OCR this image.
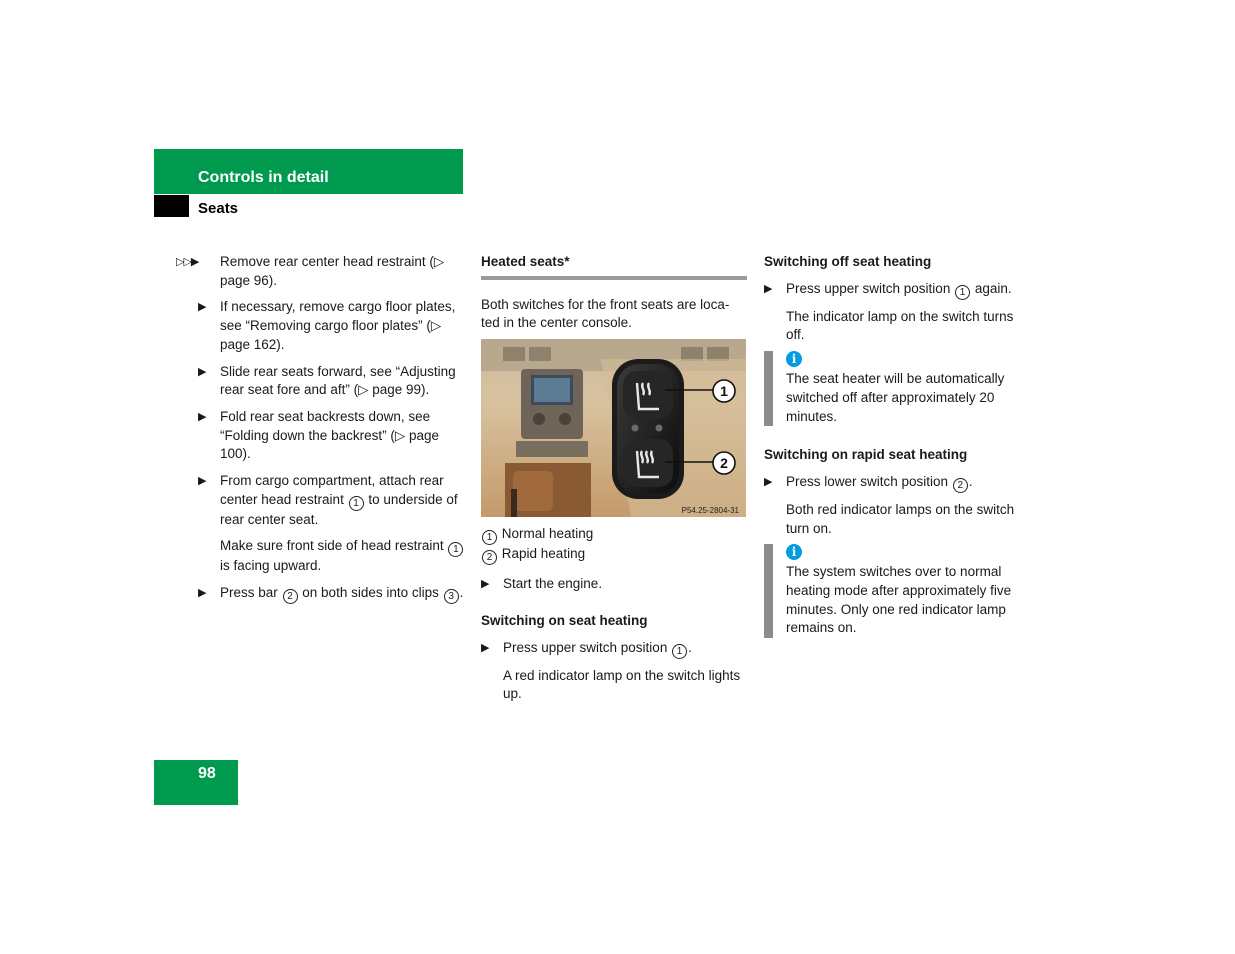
Controls in detail
Seats
▷▷▶ Remove rear center head restraint (▷ page 96).
▶ If necessary, remove cargo floor plates, see “Removing cargo floor plates” (▷ page 162).
▶ Slide rear seats forward, see “Adjusting rear seat fore and aft” (▷ page 99).
▶ Fold rear seat backrests down, see “Folding down the backrest” (▷ page 100).
▶ From cargo compartment, attach rear center head restraint 1 to underside of rear center seat.
Make sure front side of head restraint 1 is facing upward.
▶ Press bar 2 on both sides into clips 3 .
Heated seats*
Both switches for the front seats are loca-ted in the center console.
1
2
P54.25-2804-31
1 Normal heating
2 Rapid heating
▶ Start the engine.
Switching on seat heating
▶ Press upper switch position 1 .
A red indicator lamp on the switch lights up.
Switching off seat heating
▶ Press upper switch position 1 again.
The indicator lamp on the switch turns off.
i
The seat heater will be automatically switched off after approximately 20 minutes.
Switching on rapid seat heating
▶ Press lower switch position 2 .
Both red indicator lamps on the switch turn on.
i
The system switches over to normal heating mode after approximately five minutes. Only one red indicator lamp remains on.
98
